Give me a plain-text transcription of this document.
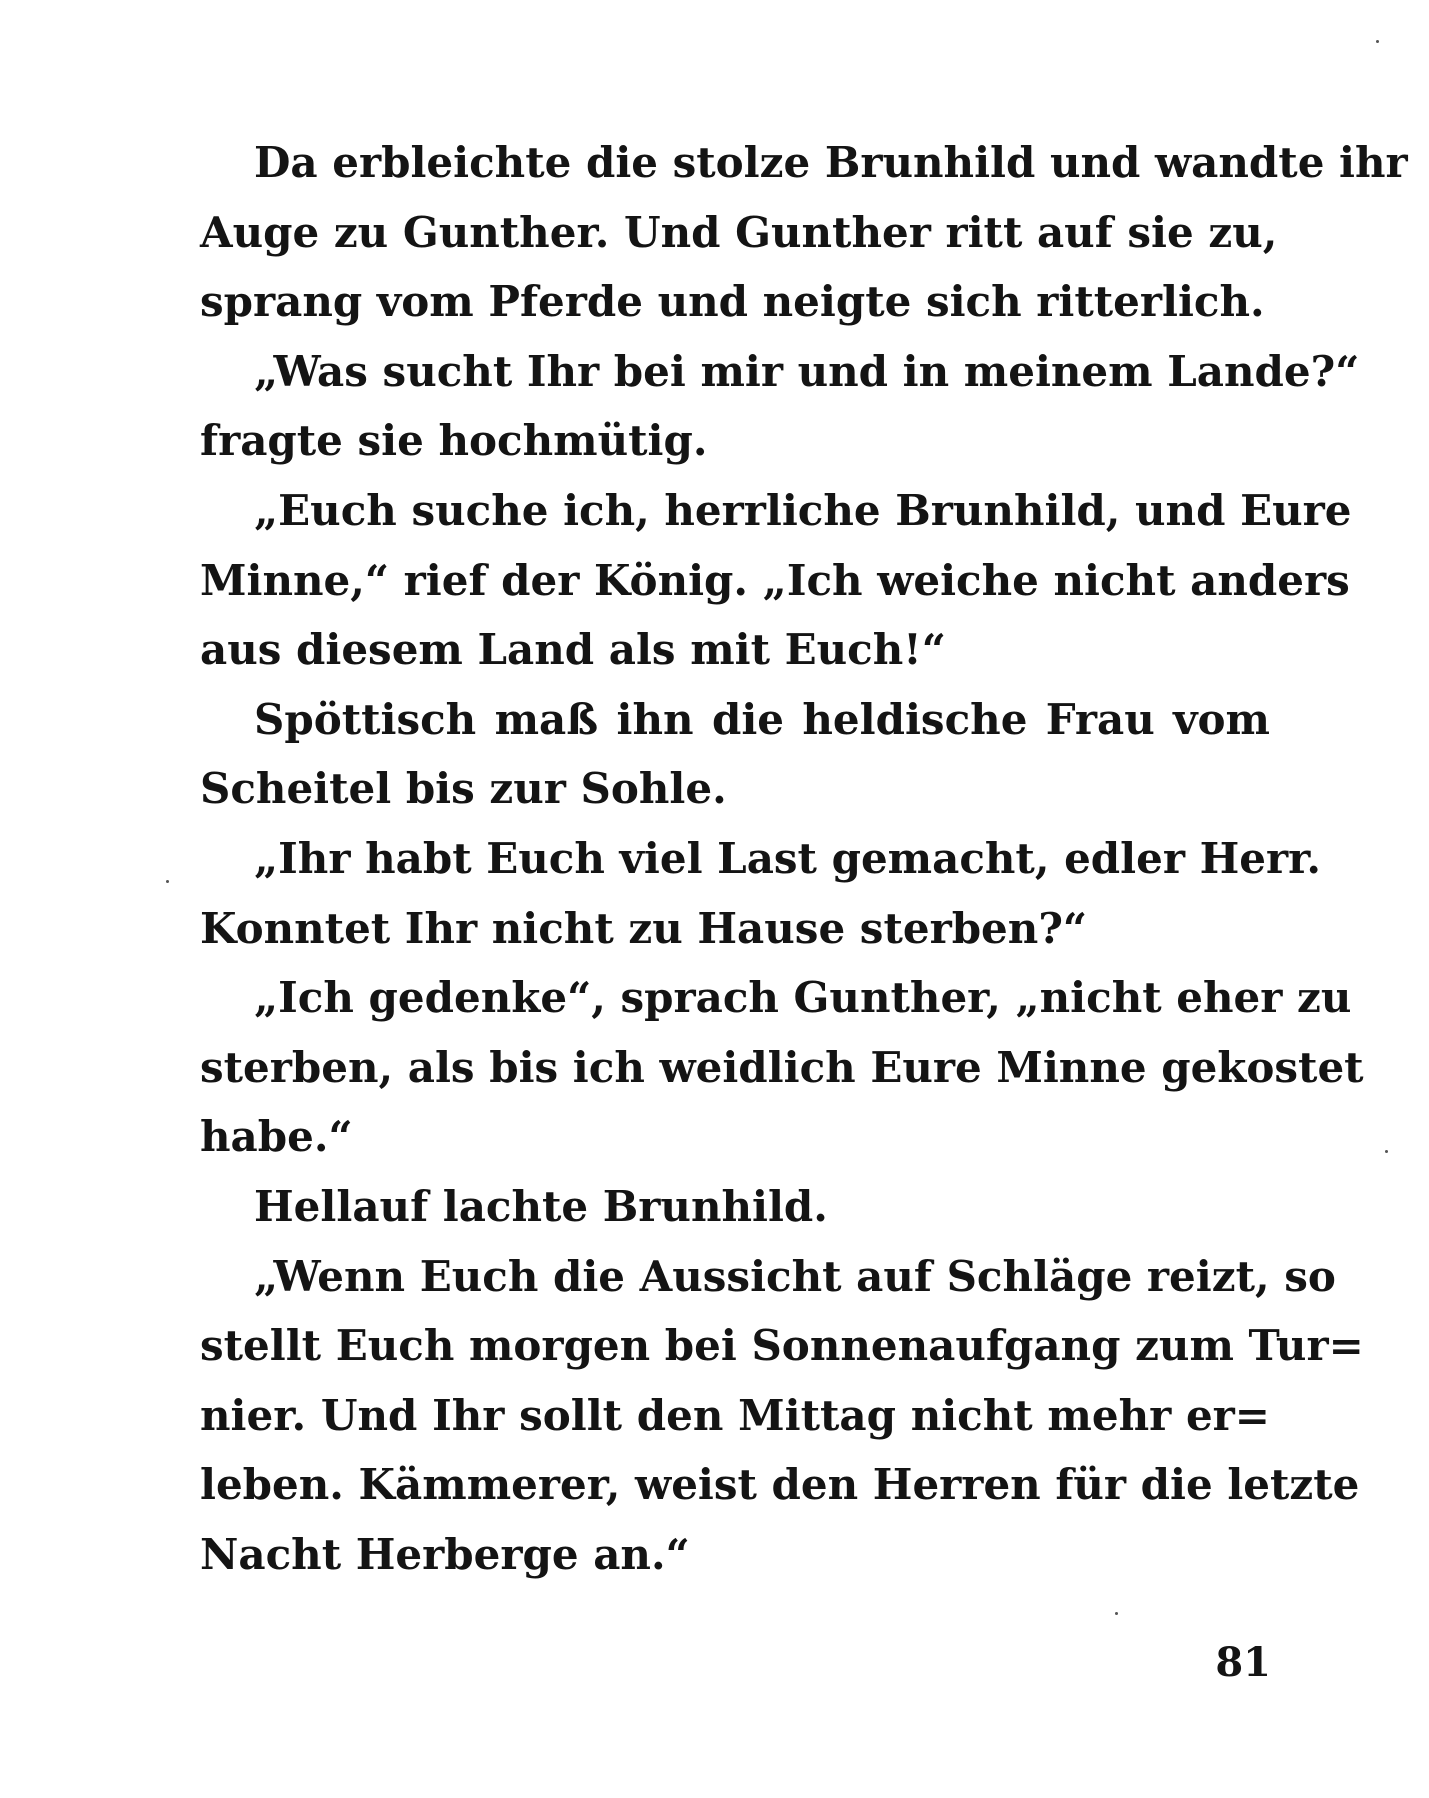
Da erbleichte die stolze Brunhild und wandte ihr
Auge zu Gunther. Und Gunther ritt auf sie zu,
sprang vom Pferde und neigte sich ritterlich.
„Was sucht Ihr bei mir und in meinem Lande?“
fragte sie hochmütig.
„Euch suche ich, herrliche Brunhild, und Eure
Minne,“ rief der König. „Ich weiche nicht anders
aus diesem Land als mit Euch!“
Spöttisch maß ihn die heldische Frau vom
Scheitel bis zur Sohle.
„Ihr habt Euch viel Last gemacht, edler Herr.
Konntet Ihr nicht zu Hause sterben?“
„Ich gedenke“, sprach Gunther, „nicht eher zu
sterben, als bis ich weidlich Eure Minne gekostet
habe.“
Hellauf lachte Brunhild.
„Wenn Euch die Aussicht auf Schläge reizt, so
stellt Euch morgen bei Sonnenaufgang zum Tur=
nier. Und Ihr sollt den Mittag nicht mehr er=
leben. Kämmerer, weist den Herren für die letzte
Nacht Herberge an.“
81
